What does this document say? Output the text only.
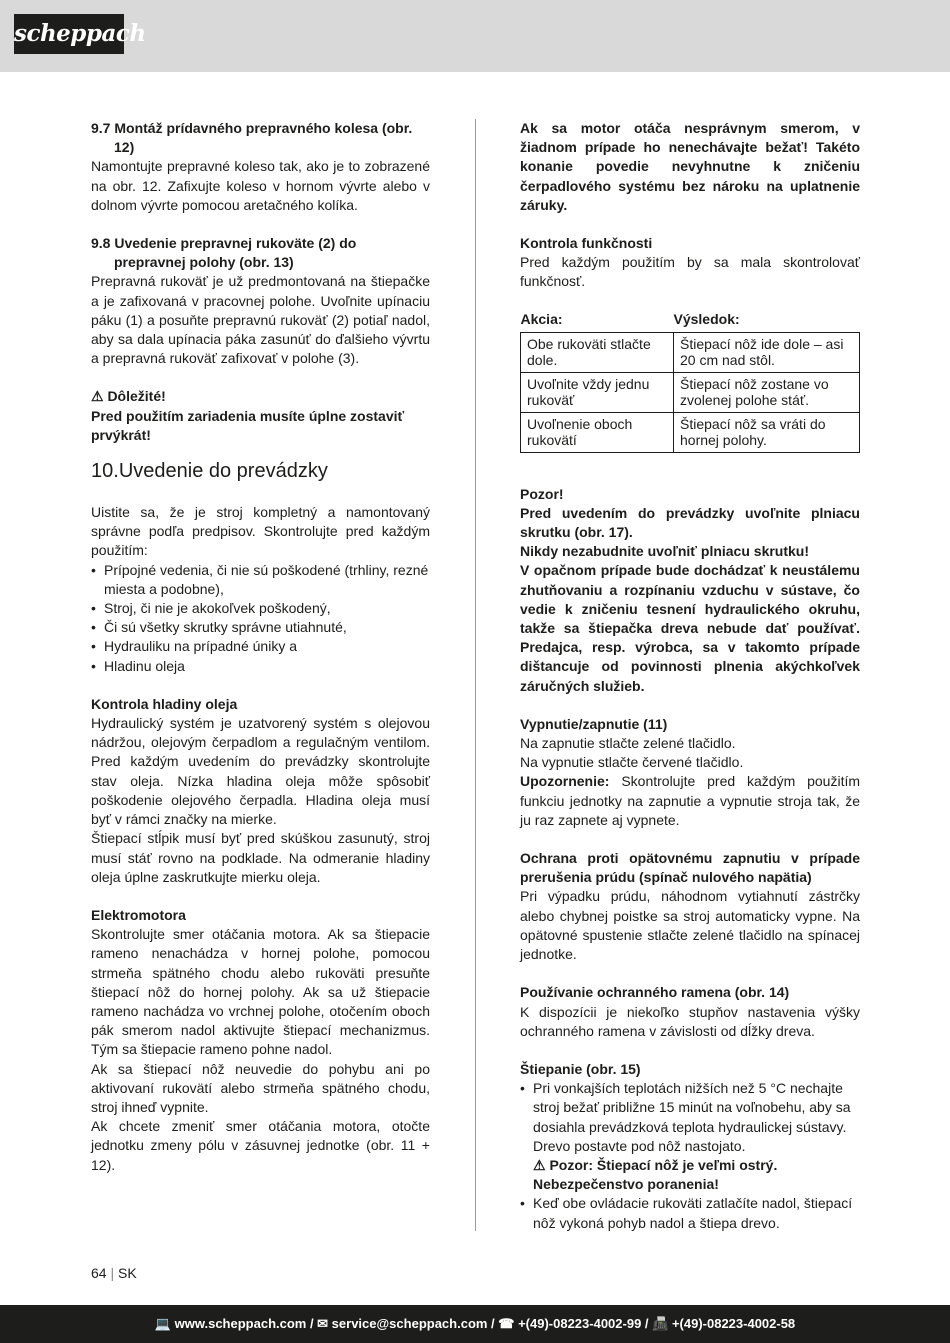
scheppach

9.7 Montáž prídavného prepravného kolesa (obr.
12)

Namontujte prepravné koleso tak, ako je to zobrazené na obr. 12. Zafixujte koleso v hornom vývrte alebo v dolnom vývrte pomocou aretačného kolíka.

9.8 Uvedenie prepravnej rukoväte (2) do prepravnej polohy (obr. 13)

Prepravná rukoväť je už predmontovaná na štiepačke a je zafixovaná v pracovnej polohe. Uvoľnite upínaciu páku (1) a posuňte prepravnú rukoväť (2) potiaľ nadol, aby sa dala upínacia páka zasunúť do ďalšieho vývrtu a prepravná rukoväť zafixovať v polohe (3).

⚠ Dôležité!

Pred použitím zariadenia musíte úplne zostaviť prvýkrát!

10.Uvedenie do prevádzky

Uistite sa, že je stroj kompletný a namontovaný správne podľa predpisov. Skontrolujte pred každým použitím:

• Prípojné vedenia, či nie sú poškodené (trhliny, rezné miesta a podobne),
• Stroj, či nie je akokoľvek poškodený,
• Či sú všetky skrutky správne utiahnuté,
• Hydrauliku na prípadné úniky a
• Hladinu oleja

Kontrola hladiny oleja

Hydraulický systém je uzatvorený systém s olejovou nádržou, olejovým čerpadlom a regulačným ventilom. Pred každým uvedením do prevádzky skontrolujte stav oleja. Nízka hladina oleja môže spôsobiť poškodenie olejového čerpadla. Hladina oleja musí byť v rámci značky na mierke.

Štiepací stĺpik musí byť pred skúškou zasunutý, stroj musí stáť rovno na podklade. Na odmeranie hladiny oleja úplne zaskrutkujte mierku oleja.

Elektromotora

Skontrolujte smer otáčania motora. Ak sa štiepacie rameno nenachádza v hornej polohe, pomocou strmeňa spätného chodu alebo rukoväti presuňte štiepací nôž do hornej polohy. Ak sa už štiepacie rameno nachádza vo vrchnej polohe, otočením oboch pák smerom nadol aktivujte štiepací mechanizmus. Tým sa štiepacie rameno pohne nadol.

Ak sa štiepací nôž neuvedie do pohybu ani po aktivovaní rukovätí alebo strmeňa spätného chodu, stroj ihneď vypnite.

Ak chcete zmeniť smer otáčania motora, otočte jednotku zmeny pólu v zásuvnej jednotke (obr. 11 + 12).

Ak sa motor otáča nesprávnym smerom, v žiadnom prípade ho nenechávajte bežať! Takéto konanie povedie nevyhnutne k zničeniu čerpadlového systému bez nároku na uplatnenie záruky.

Kontrola funkčnosti

Pred každým použitím by sa mala skontrolovať funkčnosť.

Akcia:	Výsledok:
Obe rukoväti stlačte dole.	Štiepací nôž ide dole – asi 20 cm nad stôl.
Uvoľnite vždy jednu rukoväť	Štiepací nôž zostane vo zvolenej polohe stáť.
Uvoľnenie oboch rukovätí	Štiepací nôž sa vráti do hornej polohy.

Pozor!

Pred uvedením do prevádzky uvoľnite plniacu skrutku (obr. 17).

Nikdy nezabudnite uvoľniť plniacu skrutku!

V opačnom prípade bude dochádzať k neustálemu zhutňovaniu a rozpínaniu vzduchu v sústave, čo vedie k zničeniu tesnení hydraulického okruhu, takže sa štiepačka dreva nebude dať používať. Predajca, resp. výrobca, sa v takomto prípade dištancuje od povinnosti plnenia akýchkoľvek záručných služieb.

Vypnutie/zapnutie (11)

Na zapnutie stlačte zelené tlačidlo.

Na vypnutie stlačte červené tlačidlo.

Upozornenie: Skontrolujte pred každým použitím funkciu jednotky na zapnutie a vypnutie stroja tak, že ju raz zapnete aj vypnete.

Ochrana proti opätovnému zapnutiu v prípade prerušenia prúdu (spínač nulového napätia)

Pri výpadku prúdu, náhodnom vytiahnutí zástrčky alebo chybnej poistke sa stroj automaticky vypne. Na opätovné spustenie stlačte zelené tlačidlo na spínacej jednotke.

Používanie ochranného ramena (obr. 14)

K dispozícii je niekoľko stupňov nastavenia výšky ochranného ramena v závislosti od dĺžky dreva.

Štiepanie (obr. 15)

• Pri vonkajších teplotách nižších než 5 °C nechajte stroj bežať približne 15 minút na voľnobehu, aby sa dosiahla prevádzková teplota hydraulickej sústavy. Drevo postavte pod nôž nastojato.
⚠ Pozor: Štiepací nôž je veľmi ostrý. Nebezpečenstvo poranenia!
• Keď obe ovládacie rukoväti zatlačíte nadol, štiepací nôž vykoná pohyb nadol a štiepa drevo.
64 | SK
💻 www.scheppach.com / ✉ service@scheppach.com / ☎ +(49)-08223-4002-99 / 📠 +(49)-08223-4002-58
